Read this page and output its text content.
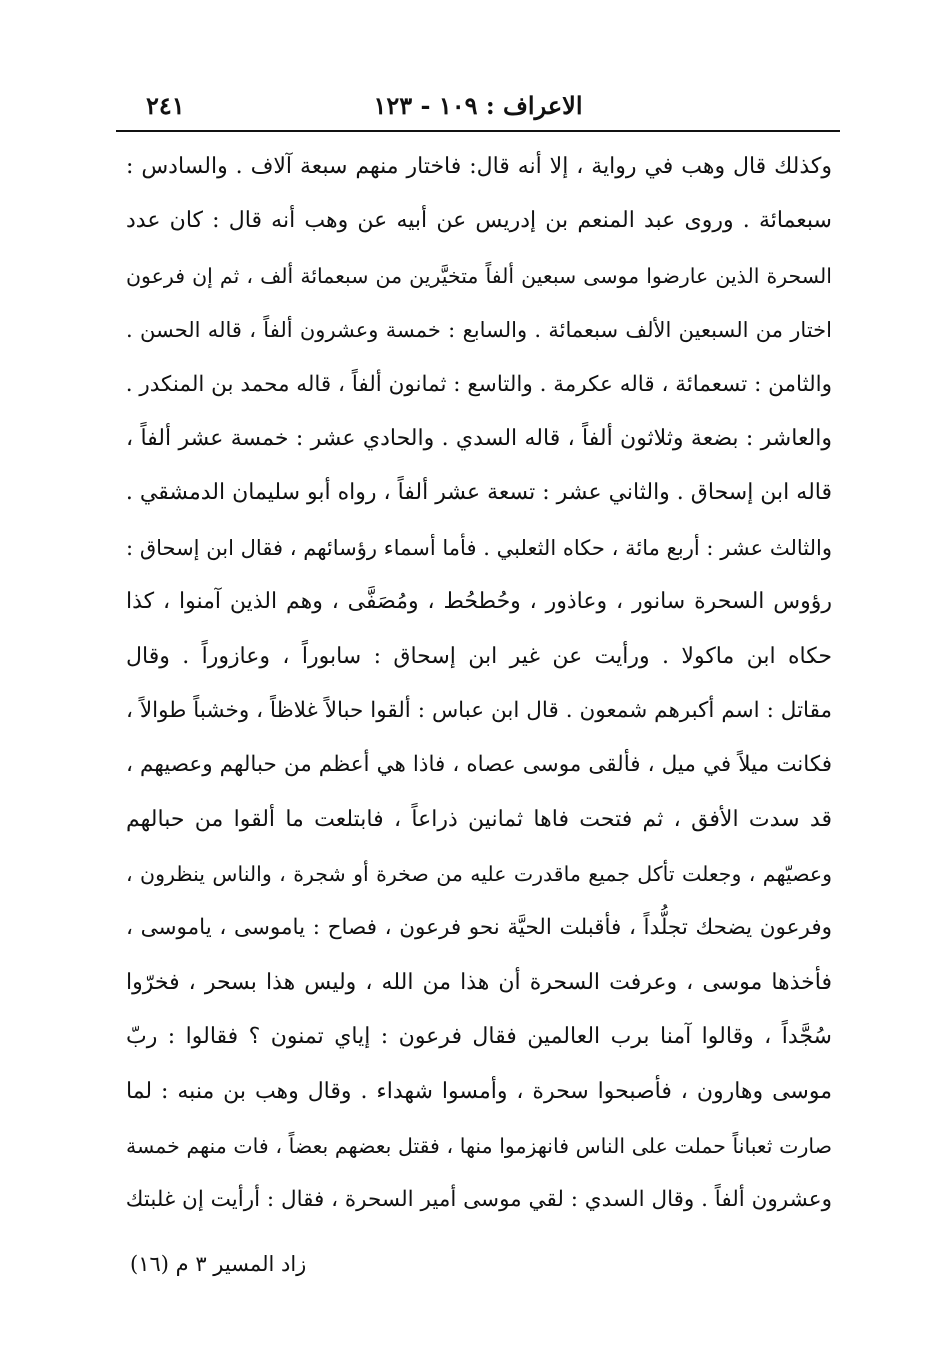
الاعراف : ١٠٩ - ١٢٣
٢٤١
وكذلك قال وهب في رواية ، إلا أنه قال: فاختار منهم سبعة آلاف . والسادس :
سبعمائة . وروى عبد المنعم بن إدريس عن أبيه عن وهب أنه قال : كان عدد
السحرة الذين عارضوا موسى سبعين ألفاً متخيَّرين من سبعمائة ألف ، ثم إن فرعون
اختار من السبعين الألف سبعمائة . والسابع : خمسة وعشرون ألفاً ، قاله الحسن .
والثامن : تسعمائة ، قاله عكرمة . والتاسع : ثمانون ألفاً ، قاله محمد بن المنكدر .
والعاشر : بضعة وثلاثون ألفاً ، قاله السدي . والحادي عشر : خمسة عشر ألفاً ،
قاله ابن إسحاق . والثاني عشر : تسعة عشر ألفاً ، رواه أبو سليمان الدمشقي .
والثالث عشر : أربع مائة ، حكاه الثعلبي . فأما أسماء رؤسائهم ، فقال ابن إسحاق :
رؤوس السحرة سانور ، وعاذور ، وحُطحُط ، ومُصَفَّى ، وهم الذين آمنوا ، كذا
حكاه ابن ماكولا . ورأيت عن غير ابن إسحاق : سابوراً ، وعازوراً . وقال
مقاتل : اسم أكبرهم شمعون . قال ابن عباس : ألقوا حبالاً غلاظاً ، وخشباً طوالاً ،
فكانت ميلاً في ميل ، فألقى موسى عصاه ، فاذا هي أعظم من حبالهم وعصيهم ،
قد سدت الأفق ، ثم فتحت فاها ثمانين ذراعاً ، فابتلعت ما ألقوا من حبالهم
وعصيّهم ، وجعلت تأكل جميع ماقدرت عليه من صخرة أو شجرة ، والناس ينظرون ،
وفرعون يضحك تجلُّداً ، فأقبلت الحيَّة نحو فرعون ، فصاح : ياموسى ، ياموسى ،
فأخذها موسى ، وعرفت السحرة أن هذا من الله ، وليس هذا بسحر ، فخرّوا
سُجَّداً ، وقالوا آمنا برب العالمين فقال فرعون : إياي تمنون ؟ فقالوا : ربّ
موسى وهارون ، فأصبحوا سحرة ، وأمسوا شهداء . وقال وهب بن منبه : لما
صارت ثعباناً حملت على الناس فانهزموا منها ، فقتل بعضهم بعضاً ، فات منهم خمسة
وعشرون ألفاً . وقال السدي : لقي موسى أمير السحرة ، فقال : أرأيت إن غلبتك
زاد المسير ٣ م (١٦)
